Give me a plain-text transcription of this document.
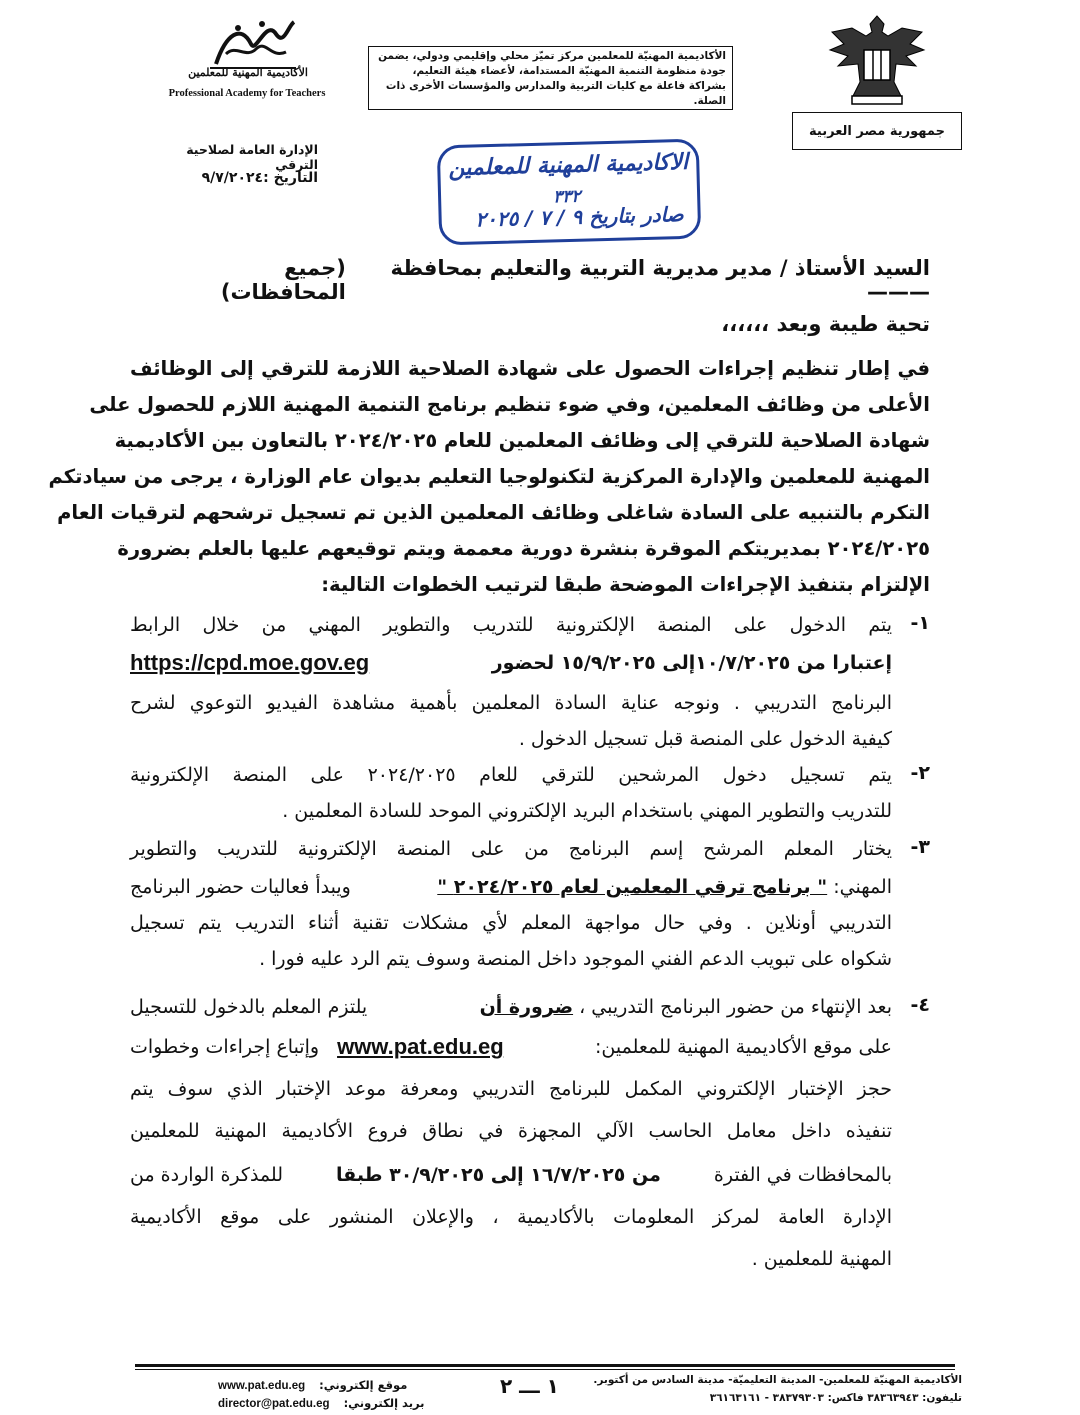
جمهورية مصر العربية
الأكاديمية المهنيّة للمعلمين مركز تميّز محلي وإقليمي ودولي، يضمن جودة منظومة التنمية المهنيّة المستدامة، لأعضاء هيئة التعليم، بشراكة فاعلة مع كليات التربية والمدارس والمؤسسات الأخرى ذات الصلة.
الأكاديمية المهنية للمعلمين
Professional Academy for Teachers
الإدارة العامة لصلاحية الترقي
التاريخ :٩/٧/٢٠٢٤	الاكاديمية المهنية للمعلمين
٣٣٢
صادر بتاريخ ٩ / ٧ / ٢٠٢٥
السيد الأستاذ / مدير مديرية التربية والتعليم بمحافظة ———
(جميع المحافظات)
تحية طيبة وبعد ،،،،،،
في إطار تنظيم إجراءات الحصول على شهادة الصلاحية اللازمة للترقي إلى الوظائف
الأعلى من وظائف المعلمين، وفي ضوء تنظيم برنامج التنمية المهنية اللازم للحصول على
شهادة الصلاحية للترقي إلى وظائف المعلمين للعام ٢٠٢٤/٢٠٢٥ بالتعاون بين الأكاديمية
المهنية للمعلمين والإدارة المركزية لتكنولوجيا التعليم بديوان عام الوزارة ، يرجى من سيادتكم
التكرم بالتنبيه على السادة شاغلى وظائف المعلمين الذين تم تسجيل ترشحهم لترقيات العام
٢٠٢٤/٢٠٢٥ بمديريتكم الموقرة بنشرة دورية معممة ويتم توقيعهم عليها بالعلم بضرورة
الإلتزام بتنفيذ الإجراءات الموضحة طبقا لترتيب الخطوات التالية:
١-
يتم الدخول على المنصة الإلكترونية للتدريب والتطوير المهني من خلال الرابط
إعتبارا من ١٠/٧/٢٠٢٥إلى ١٥/٩/٢٠٢٥ لحضور
https://cpd.moe.gov.eg
البرنامج التدريبي . ونوجه عناية السادة المعلمين بأهمية مشاهدة الفيديو التوعوي لشرح
كيفية الدخول على المنصة قبل تسجيل الدخول .
٢-
يتم تسجيل دخول المرشحين للترقي للعام ٢٠٢٤/٢٠٢٥ على المنصة الإلكترونية
للتدريب والتطوير المهني باستخدام البريد الإلكتروني الموحد للسادة المعلمين .
٣-
يختار المعلم المرشح إسم البرنامج من على المنصة الإلكترونية للتدريب والتطوير
المهني: " برنامج ترقي المعلمين لعام ٢٠٢٤/٢٠٢٥ "
ويبدأ فعاليات حضور البرنامج
التدريبي أونلاين . وفي حال مواجهة المعلم لأي مشكلات تقنية أثناء التدريب يتم تسجيل
شكواه على تبويب الدعم الفني الموجود داخل المنصة وسوف يتم الرد عليه فورا .
٤-
بعد الإنتهاء من حضور البرنامج التدريبي ، ضرورة أن
يلتزم المعلم بالدخول للتسجيل
على موقع الأكاديمية المهنية للمعلمين:
www.pat.edu.eg
وإتباع إجراءات وخطوات
حجز الإختبار الإلكتروني المكمل للبرنامج التدريبي ومعرفة موعد الإختبار الذي سوف يتم
تنفيذه داخل معامل الحاسب الآلي المجهزة في نطاق فروع الأكاديمية المهنية للمعلمين
بالمحافظات في الفترة
من ١٦/٧/٢٠٢٥ إلى ٣٠/٩/٢٠٢٥ طبقا
للمذكرة الواردة من
الإدارة العامة لمركز المعلومات بالأكاديمية ، والإعلان المنشور على موقع الأكاديمية
المهنية للمعلمين .
الأكاديمية المهنيّة للمعلمين- المدينة التعليميّة- مدينة السادس من أكتوبر.
تليفون: ٣٨٣٦٣٩٤٣ فاكس: ٣٨٣٧٩٣٠٣ - ٣٦١٦٣١٦١
١ ـــ ٢
www.pat.edu.eg موقع إلكتروني:
director@pat.edu.eg بريد إلكتروني:
